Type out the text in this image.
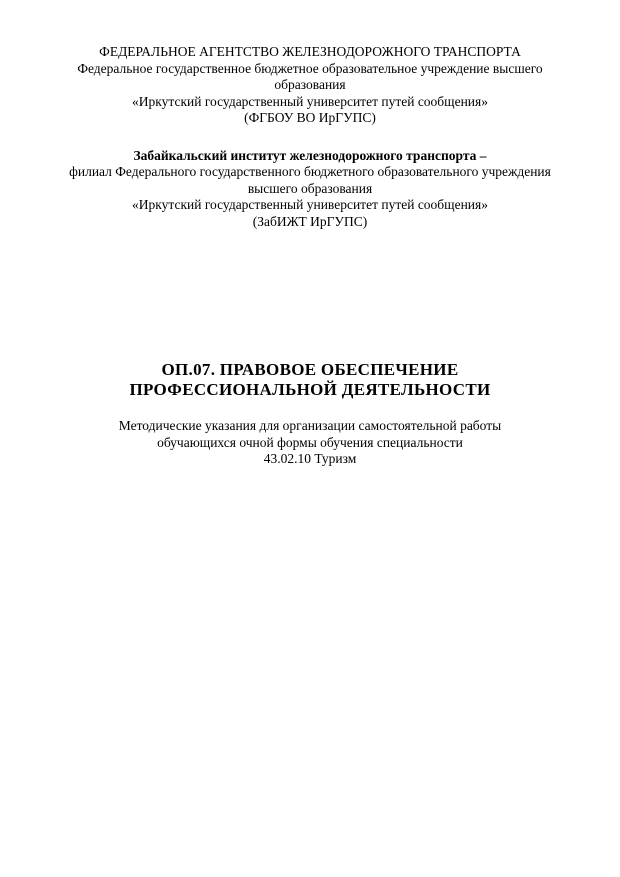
ФЕДЕРАЛЬНОЕ АГЕНТСТВО ЖЕЛЕЗНОДОРОЖНОГО ТРАНСПОРТА
Федеральное государственное бюджетное образовательное учреждение высшего
образования
«Иркутский государственный университет путей сообщения»
(ФГБОУ ВО ИрГУПС)
Забайкальский институт железнодорожного транспорта –
филиал Федерального государственного бюджетного образовательного учреждения
высшего образования
«Иркутский государственный университет путей сообщения»
(ЗабИЖТ ИрГУПС)
ОП.07. ПРАВОВОЕ ОБЕСПЕЧЕНИЕ
ПРОФЕССИОНАЛЬНОЙ ДЕЯТЕЛЬНОСТИ
Методические указания для организации самостоятельной работы
обучающихся очной формы обучения специальности
43.02.10 Туризм
